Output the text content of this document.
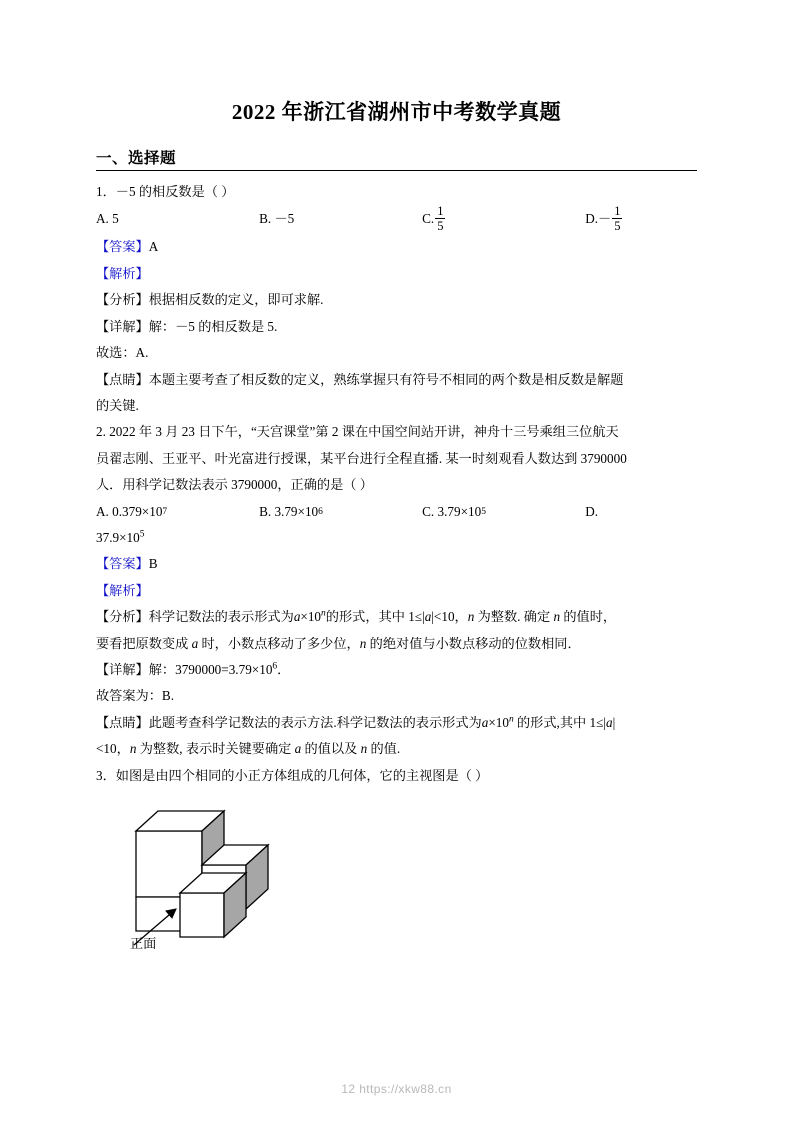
2022 年浙江省湖州市中考数学真题
一、选择题
1．－5 的相反数是（ ）
A. 5	B. －5	C. $\frac{1}{5}$	D. － $\frac{1}{5}$
【答案】A
【解析】
【分析】根据相反数的定义，即可求解.
【详解】解：－5 的相反数是 5.
故选：A.
【点睛】本题主要考查了相反数的定义，熟练掌握只有符号不相同的两个数是相反数是解题
的关键.
2. 2022 年 3 月 23 日下午，“天宫课堂”第 2 课在中国空间站开讲，神舟十三号乘组三位航天
员翟志刚、王亚平、叶光富进行授课，某平台进行全程直播. 某一时刻观看人数达到 3790000
人．用科学记数法表示 3790000，正确的是（ ）
A. 0.379×10 7	B. 3.79×10 6	C. 3.79×10 5	D.
$37.9\times 10^5$
【答案】B
【解析】
【分析】科学记数法的表示形式为$a\times 10^n$的形式，其中 1≤|a|<10，n 为整数. 确定 n 的值时，
要看把原数变成 a 时，小数点移动了多少位，n 的绝对值与小数点移动的位数相同．
【详解】解：$3790000=3.79\times 10^6$．
故答案为：B.
【点睛】此题考查科学记数法的表示方法.科学记数法的表示形式为$a\times 10^n$ 的形式,其中 1≤|a|
<10，n 为整数, 表示时关键要确定 a 的值以及 n 的值.
3．如图是由四个相同的小正方体组成的几何体，它的主视图是（ ）
正面
12 https://xkw88.cn
